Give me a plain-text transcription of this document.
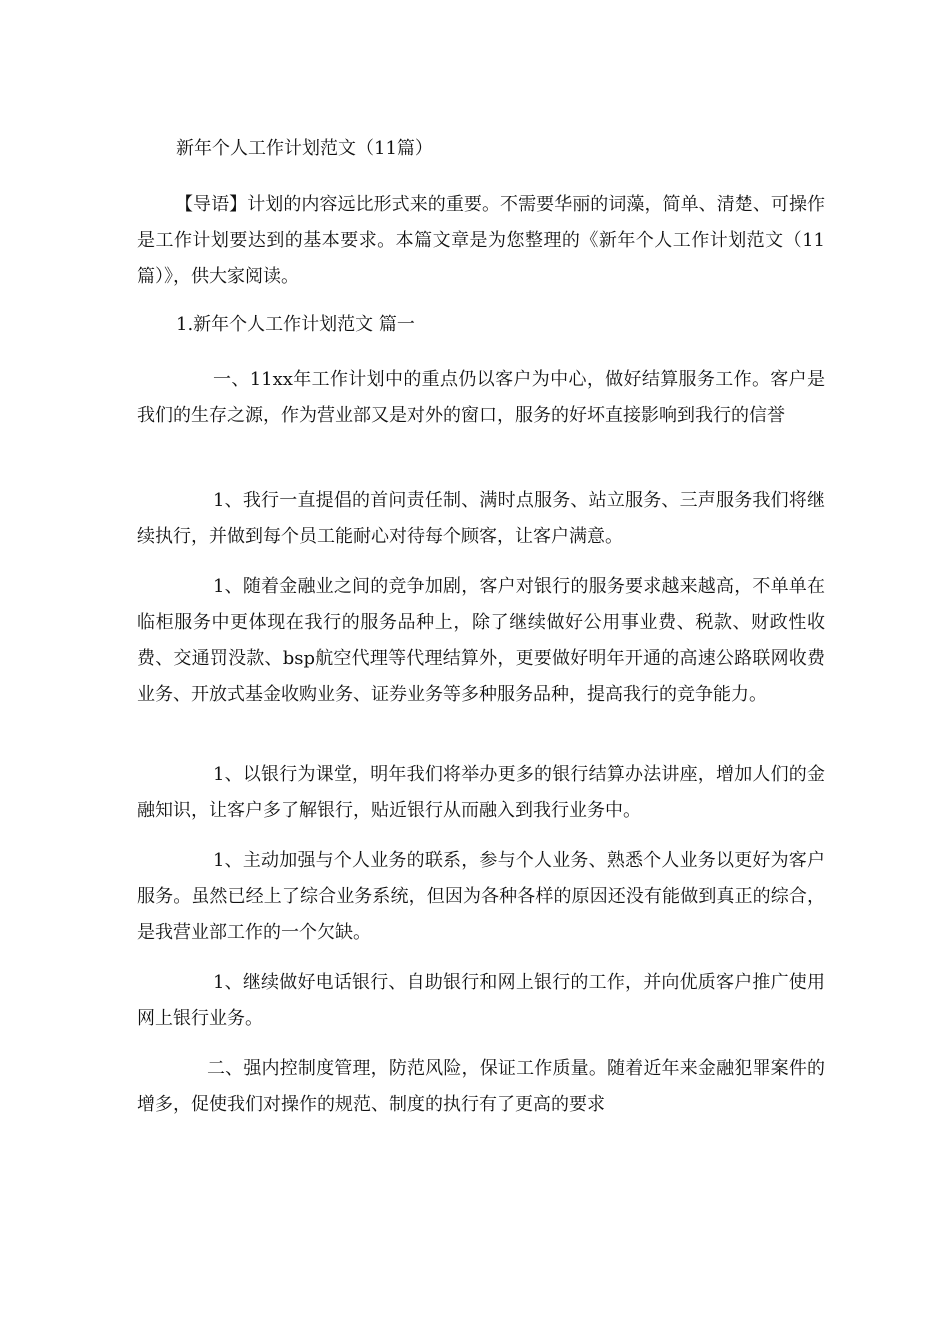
新年个人工作计划范文（11篇）

【导语】计划的内容远比形式来的重要。不需要华丽的词藻，简单、清楚、可操作是工作计划要达到的基本要求。本篇文章是为您整理的《新年个人工作计划范文（11篇）》，供大家阅读。

1.新年个人工作计划范文 篇一

一、11xx年工作计划中的重点仍以客户为中心，做好结算服务工作。客户是我们的生存之源，作为营业部又是对外的窗口，服务的好坏直接影响到我行的信誉

1、我行一直提倡的首问责任制、满时点服务、站立服务、三声服务我们将继续执行，并做到每个员工能耐心对待每个顾客，让客户满意。

1、随着金融业之间的竞争加剧，客户对银行的服务要求越来越高，不单单在临柜服务中更体现在我行的服务品种上，除了继续做好公用事业费、税款、财政性收费、交通罚没款、bsp航空代理等代理结算外，更要做好明年开通的高速公路联网收费业务、开放式基金收购业务、证券业务等多种服务品种，提高我行的竞争能力。

1、以银行为课堂，明年我们将举办更多的银行结算办法讲座，增加人们的金融知识，让客户多了解银行，贴近银行从而融入到我行业务中。

1、主动加强与个人业务的联系，参与个人业务、熟悉个人业务以更好为客户服务。虽然已经上了综合业务系统，但因为各种各样的原因还没有能做到真正的综合，是我营业部工作的一个欠缺。

1、继续做好电话银行、自助银行和网上银行的工作，并向优质客户推广使用网上银行业务。

二、强内控制度管理，防范风险，保证工作质量。随着近年来金融犯罪案件的增多，促使我们对操作的规范、制度的执行有了更高的要求
